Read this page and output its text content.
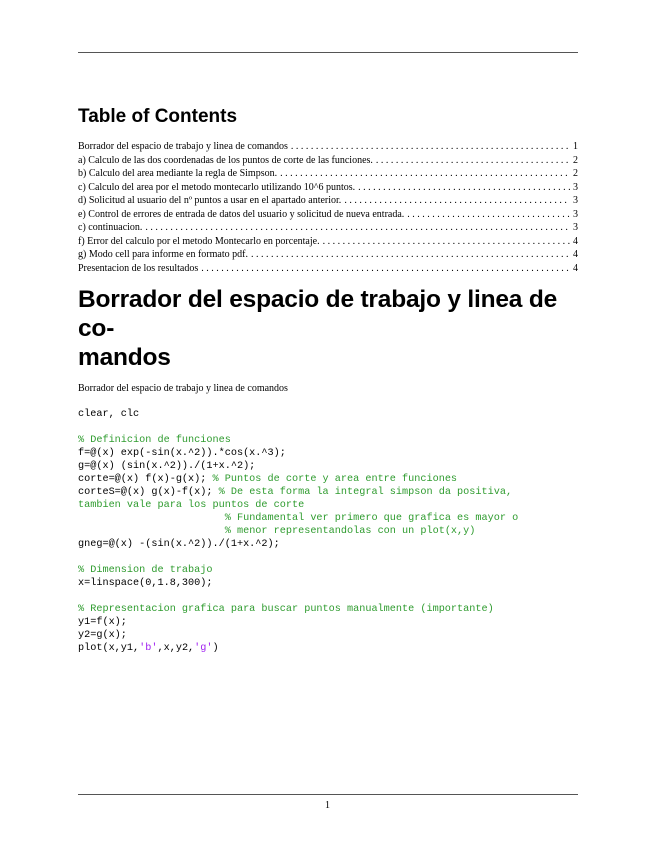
Table of Contents
Borrador del espacio de trabajo y linea de comandos . . .	1
a) Calculo de las dos coordenadas de los puntos de corte de las funciones. . . .	2
b) Calculo del area mediante la regla de Simpson. . . .	2
c) Calculo del area por el metodo montecarlo utilizando 10^6 puntos. . . .	3
d) Solicitud al usuario del nº puntos a usar en el apartado anterior. . . .	3
e) Control de errores de entrada de datos del usuario y solicitud de nueva entrada. . . .	3
c) continuacion. . . .	3
f) Error del calculo por el metodo Montecarlo en porcentaje. . . .	4
g) Modo cell para informe en formato pdf. . . .	4
Presentacion de los resultados . . .	4
Borrador del espacio de trabajo y linea de co-
mandos

Borrador del espacio de trabajo y linea de comandos

clear, clc
% Definicion de funciones
f=@(x) exp(-sin(x.^2)).*cos(x.^3);
g=@(x) (sin(x.^2))./(1+x.^2);
corte=@(x) f(x)-g(x); % Puntos de corte y area entre funciones
corteS=@(x) g(x)-f(x); % De esta forma la integral simpson da positiva,
tambien vale para los puntos de corte
% Fundamental ver primero que grafica es mayor o
% menor representandolas con un plot(x,y)
gneg=@(x) -(sin(x.^2))./(1+x.^2);
% Dimension de trabajo
x=linspace(0,1.8,300);
% Representacion grafica para buscar puntos manualmente (importante)
y1=f(x);
y2=g(x);
plot(x,y1,'b',x,y2,'g')
1
